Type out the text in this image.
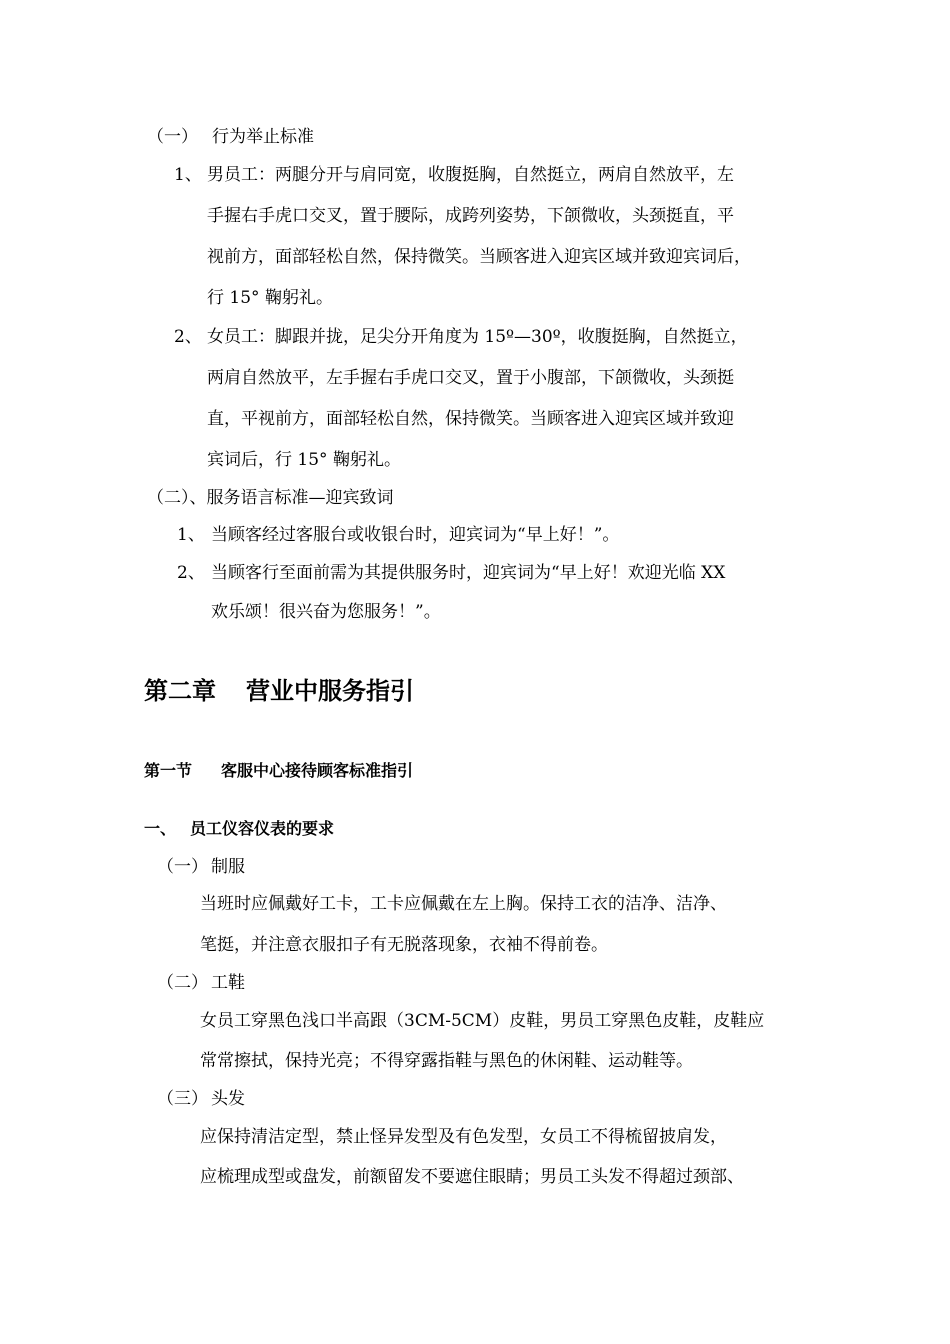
（一） 行为举止标准
1、 男员工：两腿分开与肩同宽，收腹挺胸，自然挺立，两肩自然放平，左
手握右手虎口交叉，置于腰际，成跨列姿势，下颌微收，头颈挺直，平
视前方，面部轻松自然，保持微笑。当顾客进入迎宾区域并致迎宾词后，
行 15° 鞠躬礼。
2、 女员工：脚跟并拢，足尖分开角度为 15º—30º，收腹挺胸，自然挺立，
两肩自然放平，左手握右手虎口交叉，置于小腹部，下颌微收，头颈挺
直，平视前方，面部轻松自然，保持微笑。当顾客进入迎宾区域并致迎
宾词后，行 15° 鞠躬礼。
（二）、服务语言标准—迎宾致词
1、 当顾客经过客服台或收银台时，迎宾词为“早上好！”。
2、 当顾客行至面前需为其提供服务时，迎宾词为“早上好！欢迎光临 XX
欢乐颂！很兴奋为您服务！”。
第二章 营业中服务指引
第一节 客服中心接待顾客标准指引
一、 员工仪容仪表的要求
（一） 制服
当班时应佩戴好工卡，工卡应佩戴在左上胸。保持工衣的洁净、洁净、
笔挺，并注意衣服扣子有无脱落现象，衣袖不得前卷。
（二） 工鞋
女员工穿黑色浅口半高跟（3CM-5CM）皮鞋，男员工穿黑色皮鞋，皮鞋应
常常擦拭，保持光亮；不得穿露指鞋与黑色的休闲鞋、运动鞋等。
（三） 头发
应保持清洁定型，禁止怪异发型及有色发型，女员工不得梳留披肩发，
应梳理成型或盘发，前额留发不要遮住眼睛；男员工头发不得超过颈部、
